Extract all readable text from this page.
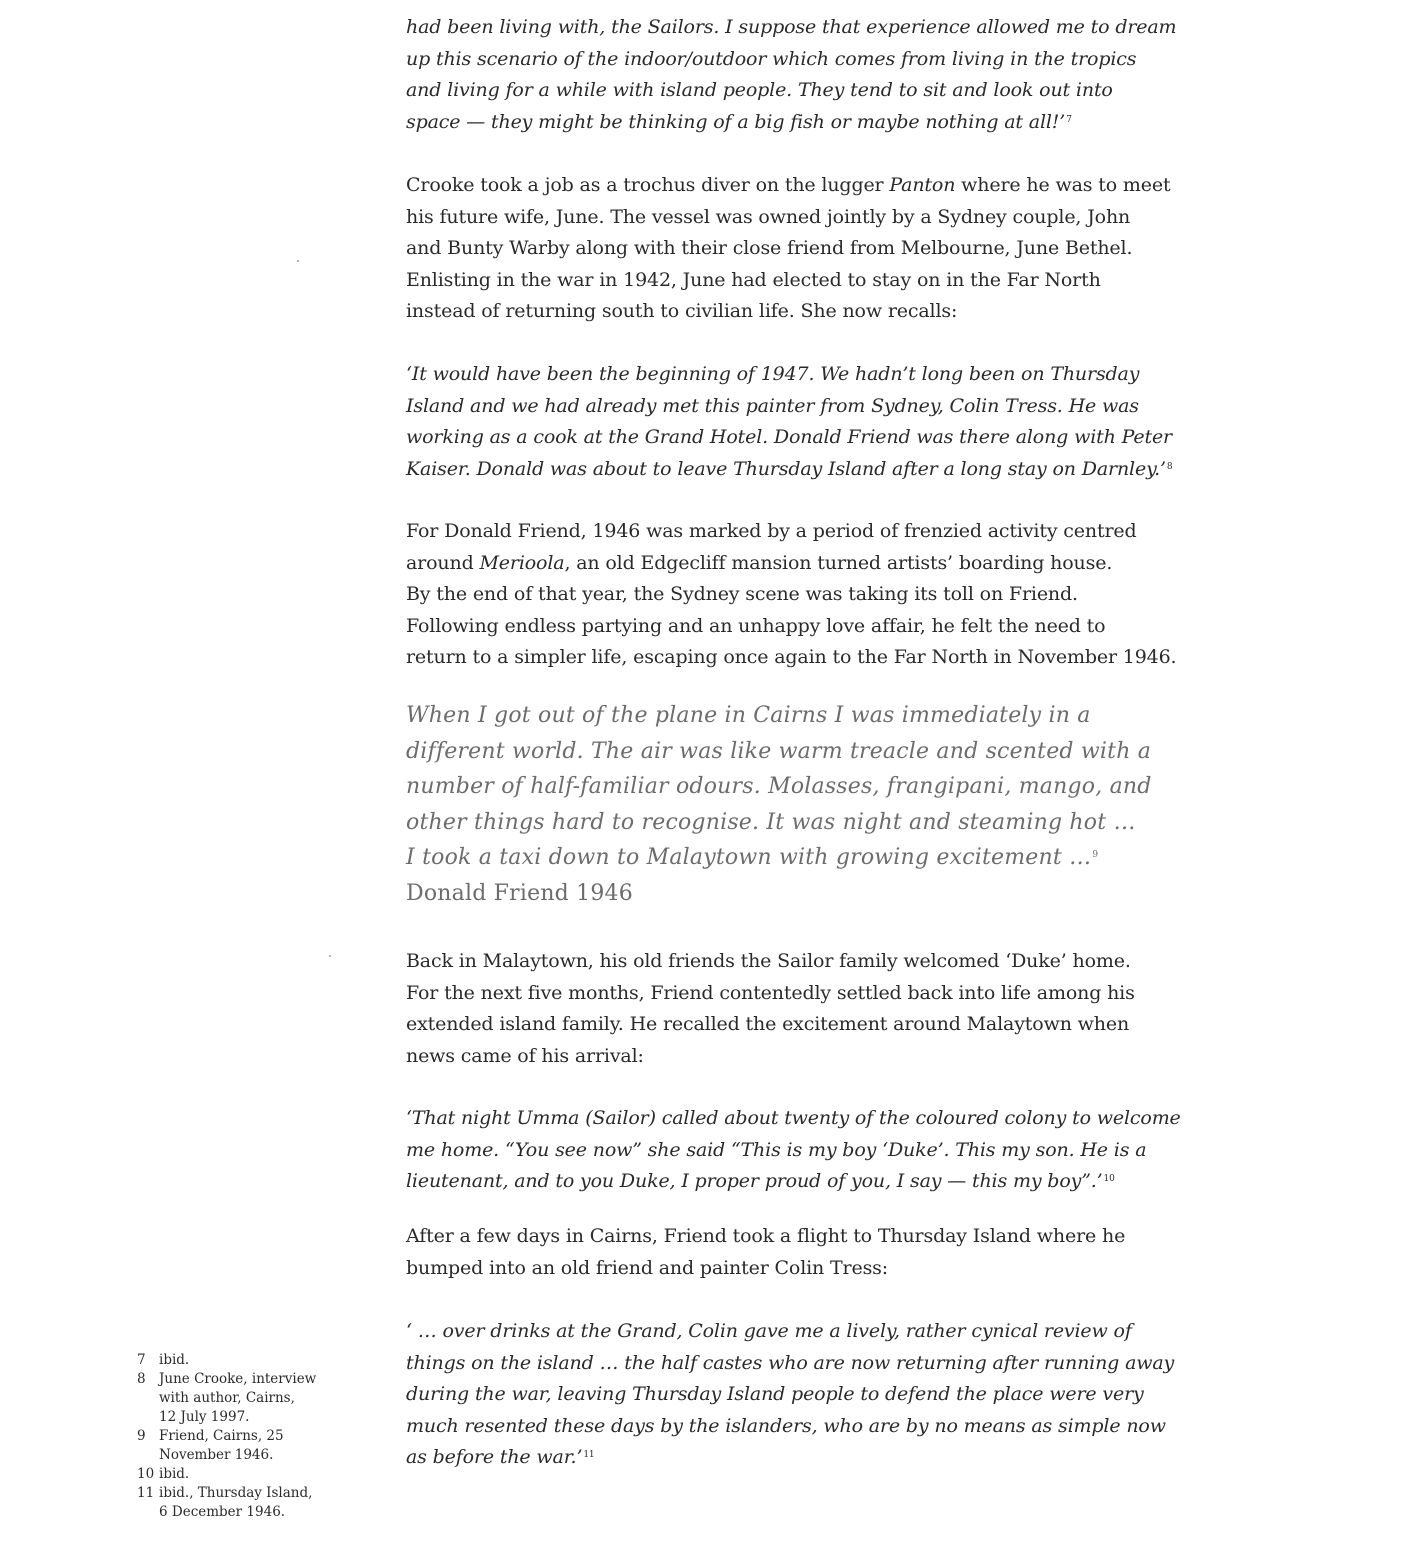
had been living with, the Sailors. I suppose that experience allowed me to dream
up this scenario of the indoor/outdoor which comes from living in the tropics
and living for a while with island people. They tend to sit and look out into
space — they might be thinking of a big fish or maybe nothing at all!’$^7$

Crooke took a job as a trochus diver on the lugger Panton where he was to meet
his future wife, June. The vessel was owned jointly by a Sydney couple, John
and Bunty Warby along with their close friend from Melbourne, June Bethel.
Enlisting in the war in 1942, June had elected to stay on in the Far North
instead of returning south to civilian life. She now recalls:

‘It would have been the beginning of 1947. We hadn’t long been on Thursday
Island and we had already met this painter from Sydney, Colin Tress. He was
working as a cook at the Grand Hotel. Donald Friend was there along with Peter
Kaiser. Donald was about to leave Thursday Island after a long stay on Darnley.’$^8$

For Donald Friend, 1946 was marked by a period of frenzied activity centred
around Merioola, an old Edgecliff mansion turned artists’ boarding house.
By the end of that year, the Sydney scene was taking its toll on Friend.
Following endless partying and an unhappy love affair, he felt the need to
return to a simpler life, escaping once again to the Far North in November 1946.

When I got out of the plane in Cairns I was immediately in a
different world. The air was like warm treacle and scented with a
number of half-familiar odours. Molasses, frangipani, mango, and
other things hard to recognise. It was night and steaming hot …
I took a taxi down to Malaytown with growing excitement …$^9$

Donald Friend 1946

Back in Malaytown, his old friends the Sailor family welcomed ‘Duke’ home.
For the next five months, Friend contentedly settled back into life among his
extended island family. He recalled the excitement around Malaytown when
news came of his arrival:

‘That night Umma (Sailor) called about twenty of the coloured colony to welcome
me home. “You see now” she said “This is my boy ‘Duke’. This my son. He is a
lieutenant, and to you Duke, I proper proud of you, I say — this my boy”.’$^{10}$

After a few days in Cairns, Friend took a flight to Thursday Island where he
bumped into an old friend and painter Colin Tress:

‘ … over drinks at the Grand, Colin gave me a lively, rather cynical review of
things on the island … the half castes who are now returning after running away
during the war, leaving Thursday Island people to defend the place were very
much resented these days by the islanders, who are by no means as simple now
as before the war.’$^{11}$

7 ibid.
8 June Crooke, interview
with author, Cairns,
12 July 1997.
9 Friend, Cairns, 25
November 1946.
10 ibid.
11 ibid., Thursday Island,
6 December 1946.
